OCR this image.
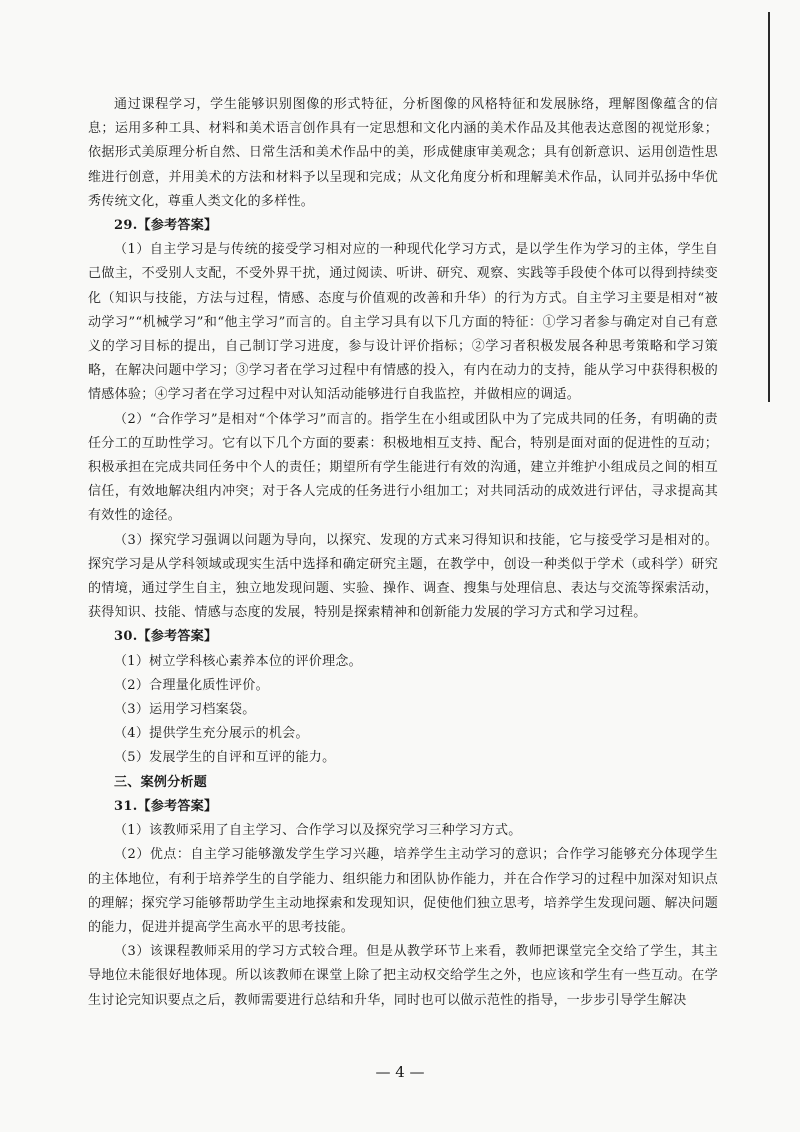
通过课程学习，学生能够识别图像的形式特征，分析图像的风格特征和发展脉络，理解图像蕴含的信息；运用多种工具、材料和美术语言创作具有一定思想和文化内涵的美术作品及其他表达意图的视觉形象；依据形式美原理分析自然、日常生活和美术作品中的美，形成健康审美观念；具有创新意识、运用创造性思维进行创意，并用美术的方法和材料予以呈现和完成；从文化角度分析和理解美术作品，认同并弘扬中华优秀传统文化，尊重人类文化的多样性。

29.【参考答案】

（1）自主学习是与传统的接受学习相对应的一种现代化学习方式，是以学生作为学习的主体，学生自己做主，不受别人支配，不受外界干扰，通过阅读、听讲、研究、观察、实践等手段使个体可以得到持续变化（知识与技能，方法与过程，情感、态度与价值观的改善和升华）的行为方式。自主学习主要是相对“被动学习”“机械学习”和“他主学习”而言的。自主学习具有以下几方面的特征：①学习者参与确定对自己有意义的学习目标的提出，自己制订学习进度，参与设计评价指标；②学习者积极发展各种思考策略和学习策略，在解决问题中学习；③学习者在学习过程中有情感的投入，有内在动力的支持，能从学习中获得积极的情感体验；④学习者在学习过程中对认知活动能够进行自我监控，并做相应的调适。

（2）“合作学习”是相对“个体学习”而言的。指学生在小组或团队中为了完成共同的任务，有明确的责任分工的互助性学习。它有以下几个方面的要素：积极地相互支持、配合，特别是面对面的促进性的互动；积极承担在完成共同任务中个人的责任；期望所有学生能进行有效的沟通，建立并维护小组成员之间的相互信任，有效地解决组内冲突；对于各人完成的任务进行小组加工；对共同活动的成效进行评估，寻求提高其有效性的途径。

（3）探究学习强调以问题为导向，以探究、发现的方式来习得知识和技能，它与接受学习是相对的。探究学习是从学科领域或现实生活中选择和确定研究主题，在教学中，创设一种类似于学术（或科学）研究的情境，通过学生自主，独立地发现问题、实验、操作、调查、搜集与处理信息、表达与交流等探索活动，获得知识、技能、情感与态度的发展，特别是探索精神和创新能力发展的学习方式和学习过程。

30.【参考答案】

（1）树立学科核心素养本位的评价理念。

（2）合理量化质性评价。

（3）运用学习档案袋。

（4）提供学生充分展示的机会。

（5）发展学生的自评和互评的能力。

三、案例分析题

31.【参考答案】

（1）该教师采用了自主学习、合作学习以及探究学习三种学习方式。

（2）优点：自主学习能够激发学生学习兴趣，培养学生主动学习的意识；合作学习能够充分体现学生的主体地位，有利于培养学生的自学能力、组织能力和团队协作能力，并在合作学习的过程中加深对知识点的理解；探究学习能够帮助学生主动地探索和发现知识，促使他们独立思考，培养学生发现问题、解决问题的能力，促进并提高学生高水平的思考技能。

（3）该课程教师采用的学习方式较合理。但是从教学环节上来看，教师把课堂完全交给了学生，其主导地位未能很好地体现。所以该教师在课堂上除了把主动权交给学生之外，也应该和学生有一些互动。在学生讨论完知识要点之后，教师需要进行总结和升华，同时也可以做示范性的指导，一步步引导学生解决

— 4 —
